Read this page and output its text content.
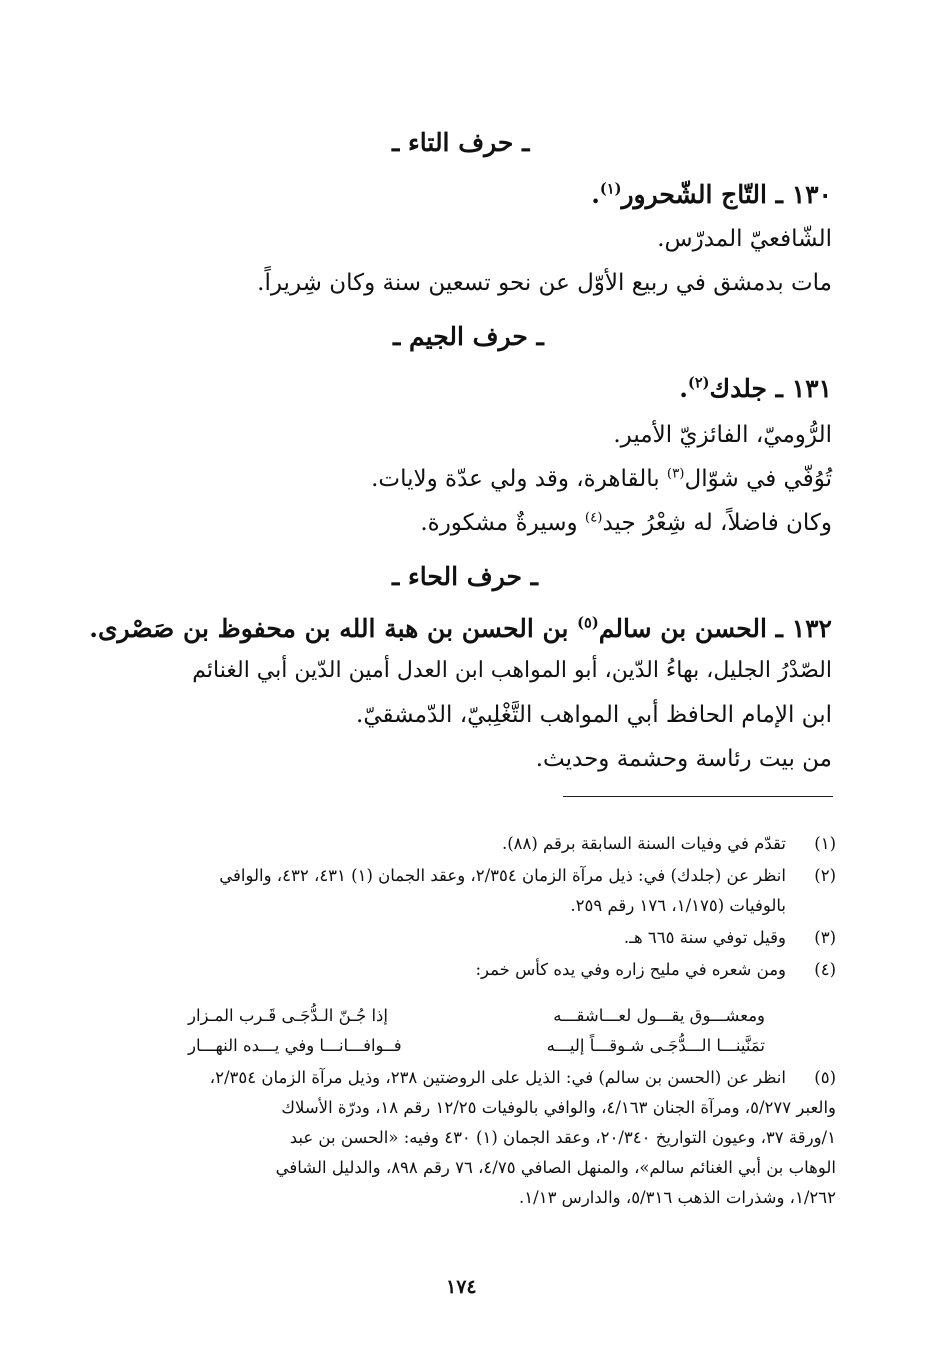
ـ حرف التاء ـ
١٣٠ ـ التّاج الشّحرور$^{(١)}$.
الشّافعيّ المدرّس.
مات بدمشق في ربيع الأوّل عن نحو تسعين سنة وكان شِريراً.
ـ حرف الجيم ـ
١٣١ ـ جلدك$^{(٢)}$.
الرُّوميّ، الفائزيّ الأمير.
تُوُفّي في شوّال$^{(٣)}$ بالقاهرة، وقد ولي عدّة ولايات.
وكان فاضلاً، له شِعْرُ جيد$^{(٤)}$ وسيرةٌ مشكورة.
ـ حرف الحاء ـ
١٣٢ ـ الحسن بن سالم$^{(٥)}$ بن الحسن بن هبة الله بن محفوظ بن صَصْرى.
الصّدْرُ الجليل، بهاءُ الدّين، أبو المواهب ابن العدل أمين الدّين أبي الغنائم
ابن الإمام الحافظ أبي المواهب التَّغْلِبيّ، الدّمشقيّ.
من بيت رئاسة وحشمة وحديث.
(١)
تقدّم في وفيات السنة السابقة برقم (٨٨).
(٢)
انظر عن (جلدك) في: ذيل مرآة الزمان ٢/٣٥٤، وعقد الجمان (١) ٤٣١، ٤٣٢، والوافي
بالوفيات (١/١٧٥، ١٧٦ رقم ٢٥٩.
(٣)
وقيل توفي سنة ٦٦٥ هـ.
(٤)
ومن شعره في مليح زاره وفي يده كأس خمر:
ومعشـــوق يقـــول لعـــاشقـــه
إذا جُـنّ الـدُّجَـى قَـرب المـزار
تمَنَّينـــا الـــدُّجَـى شـوقـــاً إليـــه
فــوافـــانـــا وفي يـــده النهـــار
(٥)
انظر عن (الحسن بن سالم) في: الذيل على الروضتين ٢٣٨، وذيل مرآة الزمان ٢/٣٥٤،
والعبر ٥/٢٧٧، ومرآة الجنان ٤/١٦٣، والوافي بالوفيات ١٢/٢٥ رقم ١٨، ودرّة الأسلاك
١/ورقة ٣٧، وعيون التواريخ ٢٠/٣٤٠، وعقد الجمان (١) ٤٣٠ وفيه: «الحسن بن عبد
الوهاب بن أبي الغنائم سالم»، والمنهل الصافي ٤/٧٥، ٧٦ رقم ٨٩٨، والدليل الشافي
١/٢٦٢، وشذرات الذهب ٥/٣١٦، والدارس ١/١٣.
١٧٤
